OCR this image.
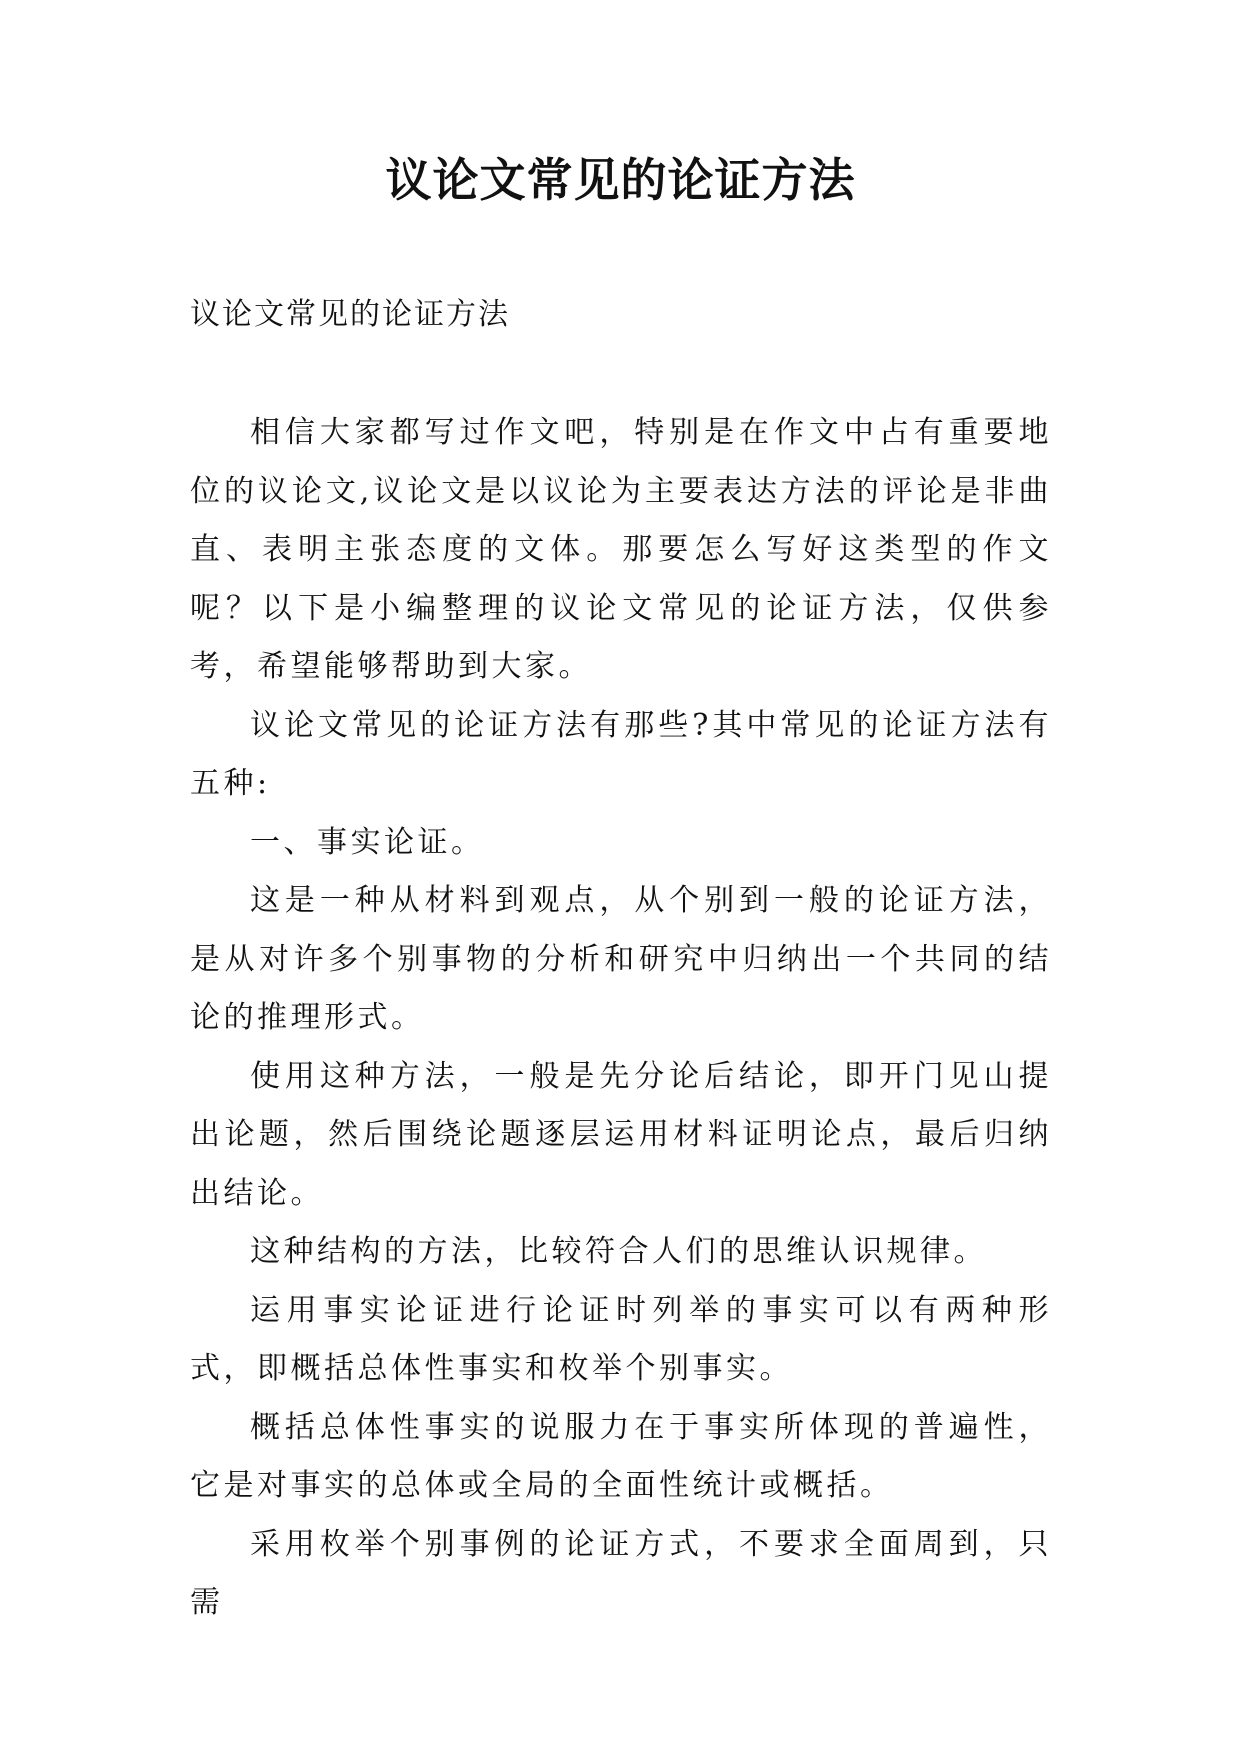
议论文常见的论证方法
议论文常见的论证方法

相信大家都写过作文吧，特别是在作文中占有重要地位的议论文,议论文是以议论为主要表达方法的评论是非曲直、表明主张态度的文体。那要怎么写好这类型的作文呢？以下是小编整理的议论文常见的论证方法，仅供参考，希望能够帮助到大家。

议论文常见的论证方法有那些?其中常见的论证方法有五种:

一、事实论证。

这是一种从材料到观点，从个别到一般的论证方法，是从对许多个别事物的分析和研究中归纳出一个共同的结论的推理形式。

使用这种方法，一般是先分论后结论，即开门见山提出论题，然后围绕论题逐层运用材料证明论点，最后归纳出结论。

这种结构的方法，比较符合人们的思维认识规律。

运用事实论证进行论证时列举的事实可以有两种形式，即概括总体性事实和枚举个别事实。

概括总体性事实的说服力在于事实所体现的普遍性，它是对事实的总体或全局的全面性统计或概括。

采用枚举个别事例的论证方式，不要求全面周到，只需
